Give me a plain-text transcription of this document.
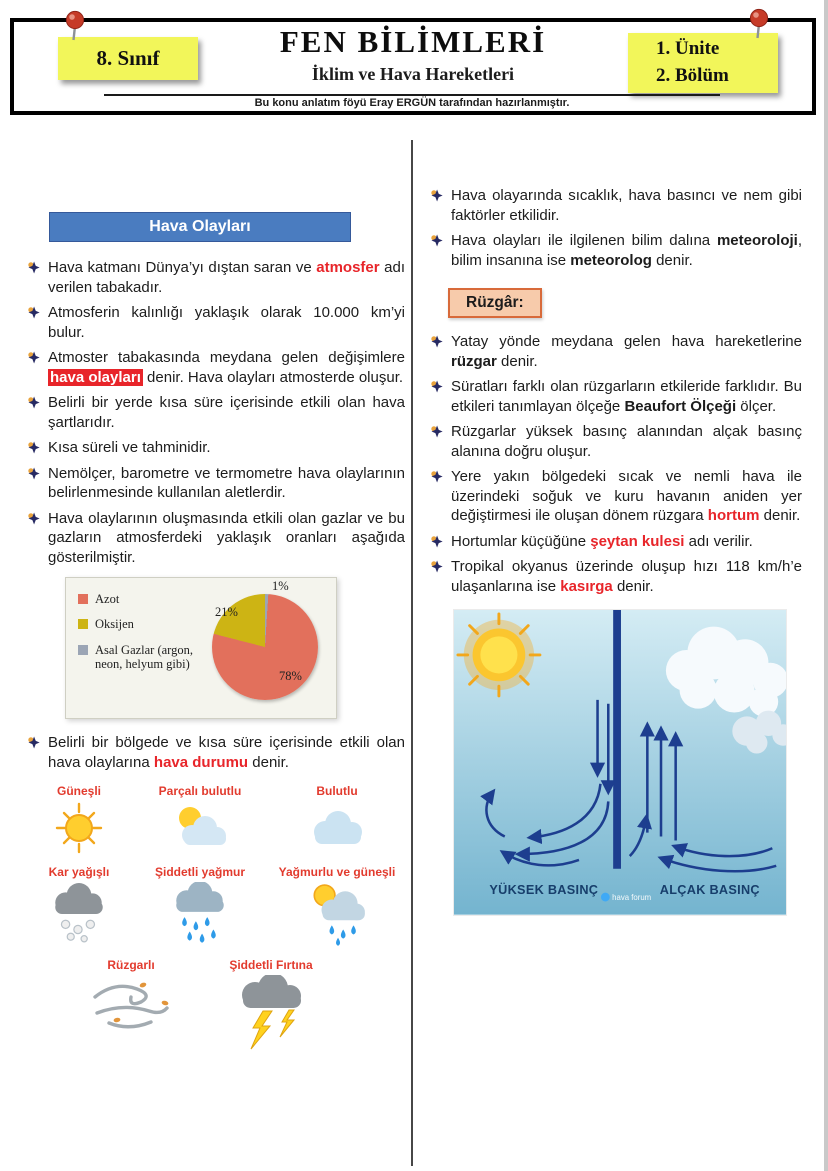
8. Sınıf	FEN BİLİMLERİ
İklim ve Hava Hareketleri
1. Ünite
2. Bölüm
Bu konu anlatım föyü Eray ERGÜN tarafından hazırlanmıştır.
Hava Olayları
Hava katmanı Dünya’yı dıştan saran ve atmosfer adı verilen tabakadır.
Atmosferin kalınlığı yaklaşık olarak 10.000 km’yi bulur.
Atmoster tabakasında meydana gelen değişimlere hava olayları denir. Hava olayları atmosterde oluşur.
Belirli bir yerde kısa süre içerisinde etkili olan hava şartlarıdır.
Kısa süreli ve tahminidir.
Nemölçer, barometre ve termometre hava olaylarının belirlenmesinde kullanılan aletlerdir.
Hava olaylarının oluşmasında etkili olan gazlar ve bu gazların atmosferdeki yaklaşık oranları aşağıda gösterilmiştir.
Azot
Oksijen
Asal Gazlar (argon, neon, helyum gibi)
1%
21%
78%
Belirli bir bölgede ve kısa süre içerisinde etkili olan hava olaylarına hava durumu denir.
Güneşli	Parçalı bulutlu	Bulutlu
Kar yağışlı	Şiddetli yağmur	Yağmurlu ve güneşli
Rüzgarlı	Şiddetli Fırtına
Hava olayarında sıcaklık, hava basıncı ve nem gibi faktörler etkilidir.
Hava olayları ile ilgilenen bilim dalına meteoroloji, bilim insanına ise meteorolog denir.
Rüzgâr:
Yatay yönde meydana gelen hava hareketlerine rüzgar denir.
Süratları farklı olan rüzgarların etkileride farklıdır. Bu etkileri tanımlayan ölçeğe Beaufort Ölçeği ölçer.
Rüzgarlar yüksek basınç alanından alçak basınç alanına doğru oluşur.
Yere yakın bölgedeki sıcak ve nemli hava ile üzerindeki soğuk ve kuru havanın aniden yer değiştirmesi ile oluşan dönem rüzgara hortum denir.
Hortumlar küçüğüne şeytan kulesi adı verilir.
Tropikal okyanus üzerinde oluşup hızı 118 km/h’e ulaşanlarına ise kasırga denir.
YÜKSEK BASINÇ	ALÇAK BASINÇ
hava forum
